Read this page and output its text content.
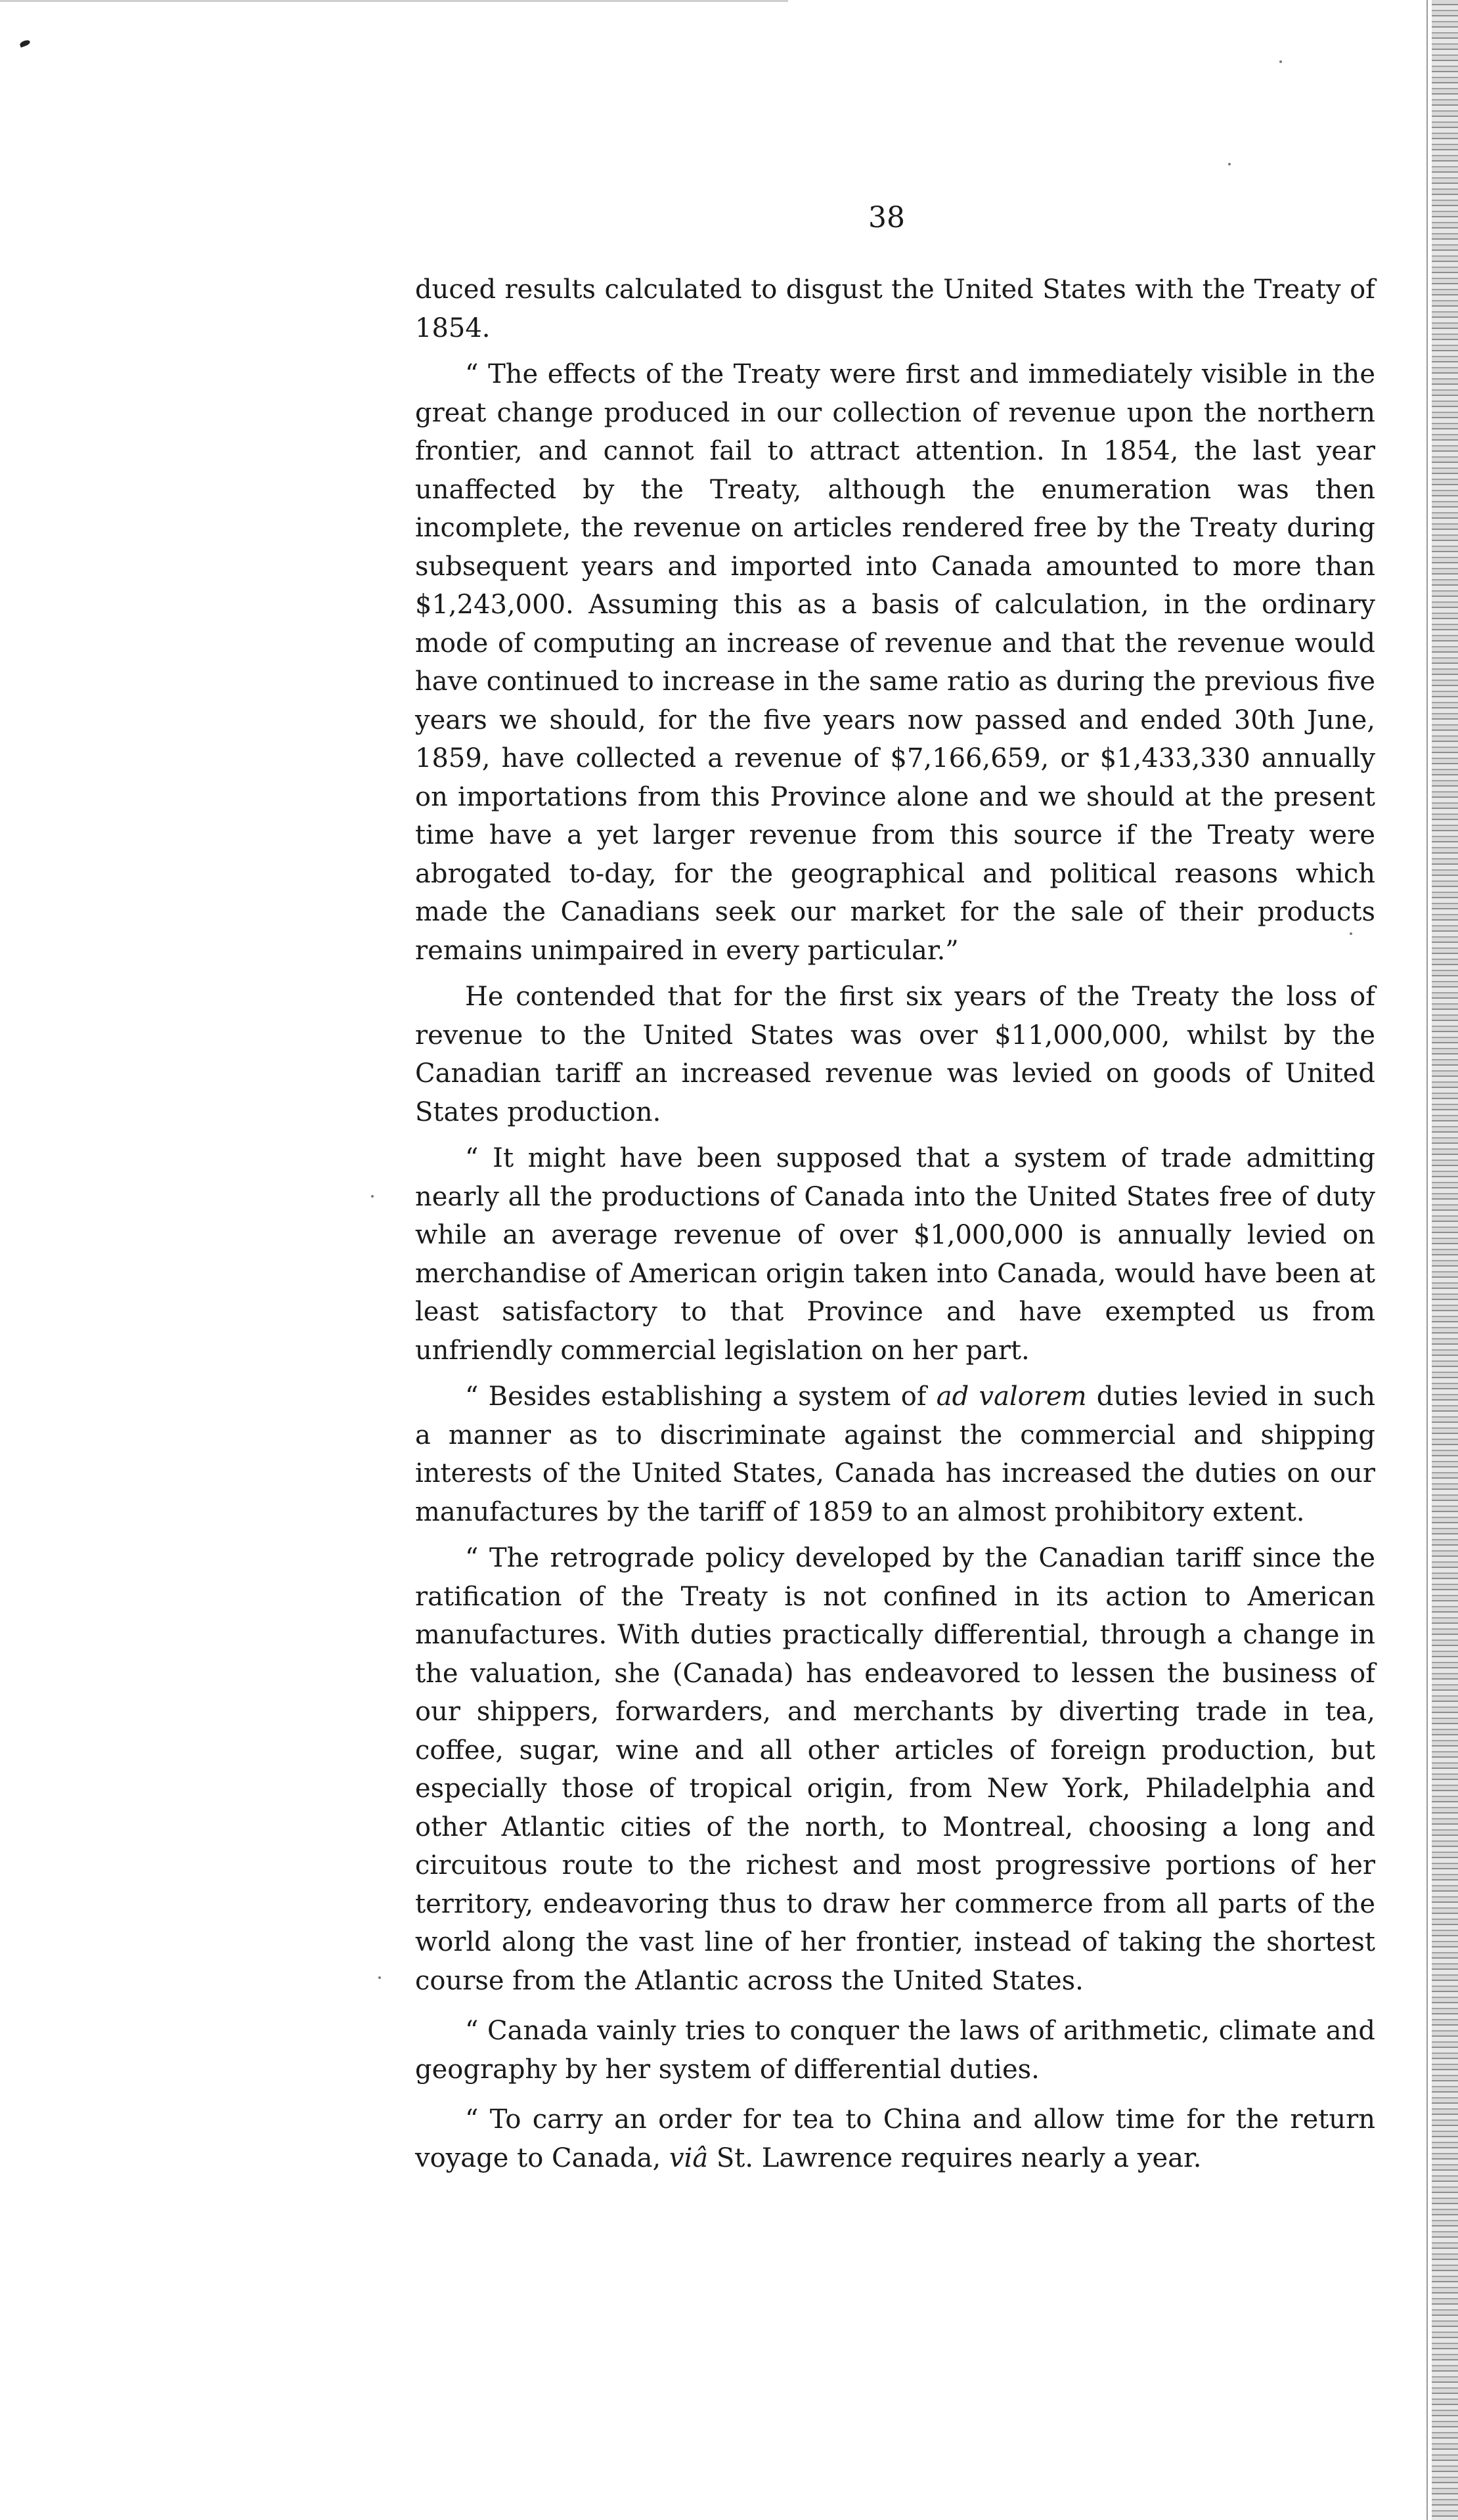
38

duced results calculated to disgust the United States with the Treaty of 1854.

“ The effects of the Treaty were first and immediately visible in the great change produced in our collection of revenue upon the northern frontier, and cannot fail to attract attention. In 1854, the last year unaffected by the Treaty, although the enumeration was then incomplete, the revenue on articles rendered free by the Treaty during subsequent years and imported into Canada amounted to more than $1,243,000. Assuming this as a basis of calculation, in the ordinary mode of computing an increase of revenue and that the revenue would have continued to increase in the same ratio as during the previous five years we should, for the five years now passed and ended 30th June, 1859, have collected a revenue of $7,166,659, or $1,433,330 annually on importations from this Province alone and we should at the present time have a yet larger revenue from this source if the Treaty were abrogated to-day, for the geographical and political reasons which made the Canadians seek our market for the sale of their products remains unimpaired in every particular.”

He contended that for the first six years of the Treaty the loss of revenue to the United States was over $11,000,000, whilst by the Canadian tariff an increased revenue was levied on goods of United States production.

“ It might have been supposed that a system of trade admitting nearly all the productions of Canada into the United States free of duty while an average revenue of over $1,000,000 is annually levied on merchandise of American origin taken into Canada, would have been at least satisfactory to that Province and have exempted us from unfriendly commercial legislation on her part.

“ Besides establishing a system of ad valorem duties levied in such a manner as to discriminate against the commercial and shipping interests of the United States, Canada has increased the duties on our manufactures by the tariff of 1859 to an almost prohibitory extent.

“ The retrograde policy developed by the Canadian tariff since the ratification of the Treaty is not confined in its action to American manufactures. With duties practically differential, through a change in the valuation, she (Canada) has endeavored to lessen the business of our shippers, forwarders, and merchants by diverting trade in tea, coffee, sugar, wine and all other articles of foreign production, but especially those of tropical origin, from New York, Philadelphia and other Atlantic cities of the north, to Montreal, choosing a long and circuitous route to the richest and most progressive portions of her territory, endeavoring thus to draw her commerce from all parts of the world along the vast line of her frontier, instead of taking the shortest course from the Atlantic across the United States.

“ Canada vainly tries to conquer the laws of arithmetic, climate and geography by her system of differential duties.

“ To carry an order for tea to China and allow time for the return voyage to Canada, viâ St. Lawrence requires nearly a year.
